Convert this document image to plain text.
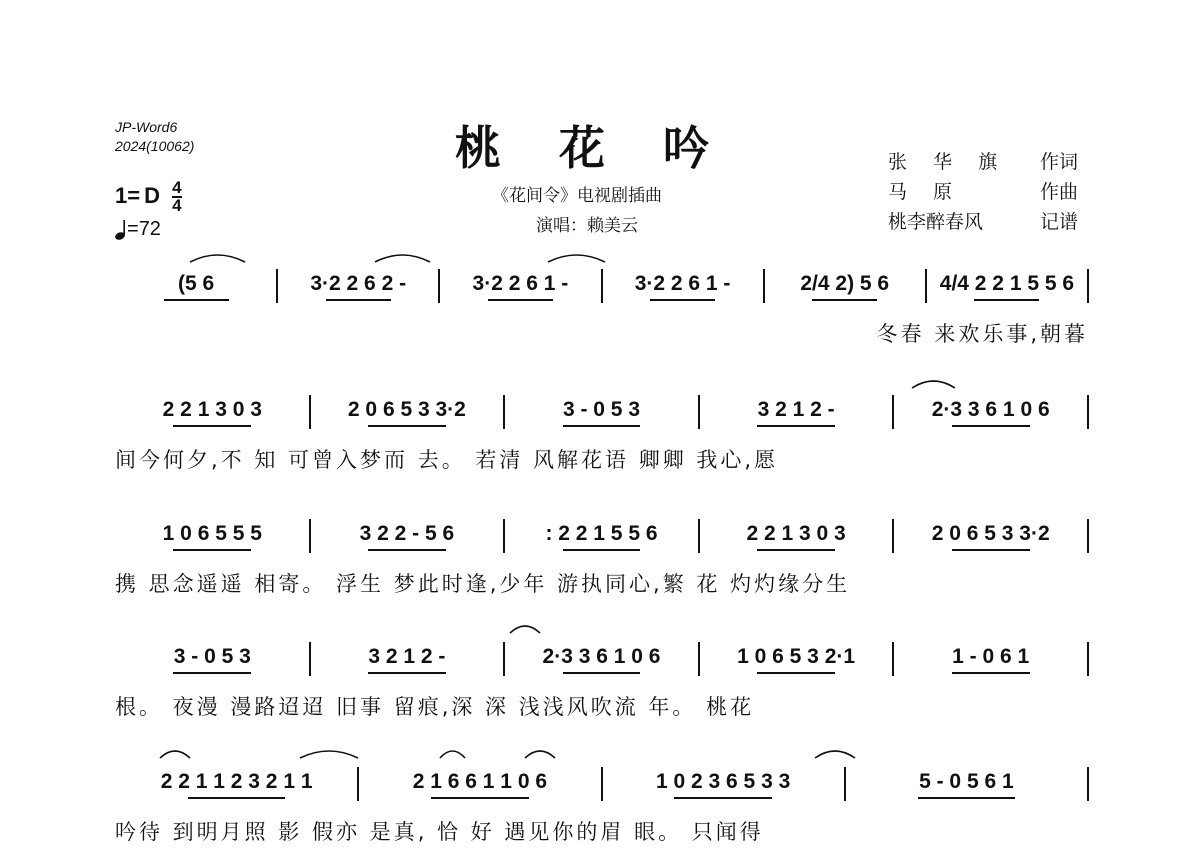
JP-Word6
2024(10062)	桃花吟
《花间令》电视剧插曲
演唱：赖美云
张 华 旗 作词
马 原	作曲
桃李醉春风	记谱
1= D $\frac{4}{4}$
=72
(5 6	3·2 2 6 2 -	3·2 2 6 1 -	3·2 2 6 1 -	2/4 2) 5 6	4/4 2 2 1 5 5 6
冬春 来欢乐事,朝暮
2 2 1 3 0 3	2 0 6 5 3 3·2	3 - 0 5 3	3 2 1 2 -	2·3 3 6 1 0 6
间今何夕,不 知 可曾入梦而 去。 若清 风解花语 卿卿 我心,愿
1 0 6 5 5 5	3 2 2 - 5 6	: 2 2 1 5 5 6	2 2 1 3 0 3	2 0 6 5 3 3·2
携 思念遥遥 相寄。 浮生 梦此时逢,少年 游执同心,繁 花 灼灼缘分生
3 - 0 5 3	3 2 1 2 -	2·3 3 6 1 0 6	1 0 6 5 3 2·1	1 - 0 6 1
根。 夜漫 漫路迢迢 旧事 留痕,深 深 浅浅风吹流 年。 桃花
2 2 1 1 2 3 2 1 1	2 1 6 6 1 1 0 6	1 0 2 3 6 5 3 3	5 - 0 5 6 1
吟待 到明月照 影 假亦 是真, 恰 好 遇见你的眉 眼。 只闻得
